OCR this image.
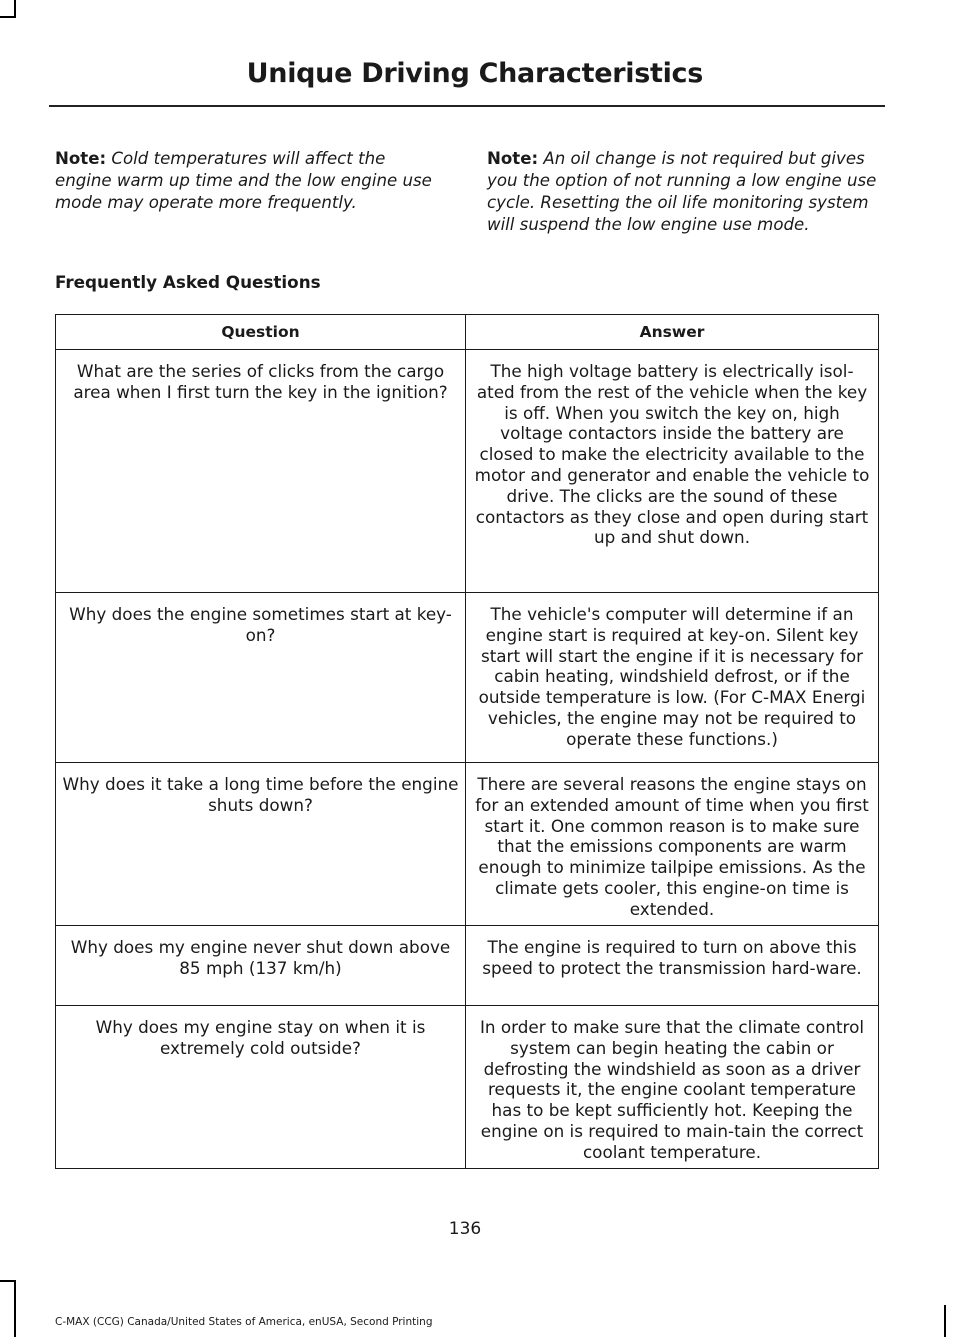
Unique Driving Characteristics
Note: Cold temperatures will affect the engine warm up time and the low engine use mode may operate more frequently.
Note: An oil change is not required but gives you the option of not running a low engine use cycle. Resetting the oil life monitoring system will suspend the low engine use mode.
Frequently Asked Questions
Question	Answer
What are the series of clicks from the cargo area when I first turn the key in the ignition?	The high voltage battery is electrically isol-ated from the rest of the vehicle when the key is off. When you switch the key on, high voltage contactors inside the battery are closed to make the electricity available to the motor and generator and enable the vehicle to drive. The clicks are the sound of these contactors as they close and open during start up and shut down.
Why does the engine sometimes start at key-on?	The vehicle's computer will determine if an engine start is required at key-on. Silent key start will start the engine if it is necessary for cabin heating, windshield defrost, or if the outside temperature is low. (For C-MAX Energi vehicles, the engine may not be required to operate these functions.)
Why does it take a long time before the engine shuts down?	There are several reasons the engine stays on for an extended amount of time when you first start it. One common reason is to make sure that the emissions components are warm enough to minimize tailpipe emissions. As the climate gets cooler, this engine-on time is extended.
Why does my engine never shut down above 85 mph (137 km/h)	The engine is required to turn on above this speed to protect the transmission hard-ware.
Why does my engine stay on when it is extremely cold outside?	In order to make sure that the climate control system can begin heating the cabin or defrosting the windshield as soon as a driver requests it, the engine coolant temperature has to be kept sufficiently hot. Keeping the engine on is required to main-tain the correct coolant temperature.
136
C-MAX (CCG) Canada/United States of America, enUSA, Second Printing
